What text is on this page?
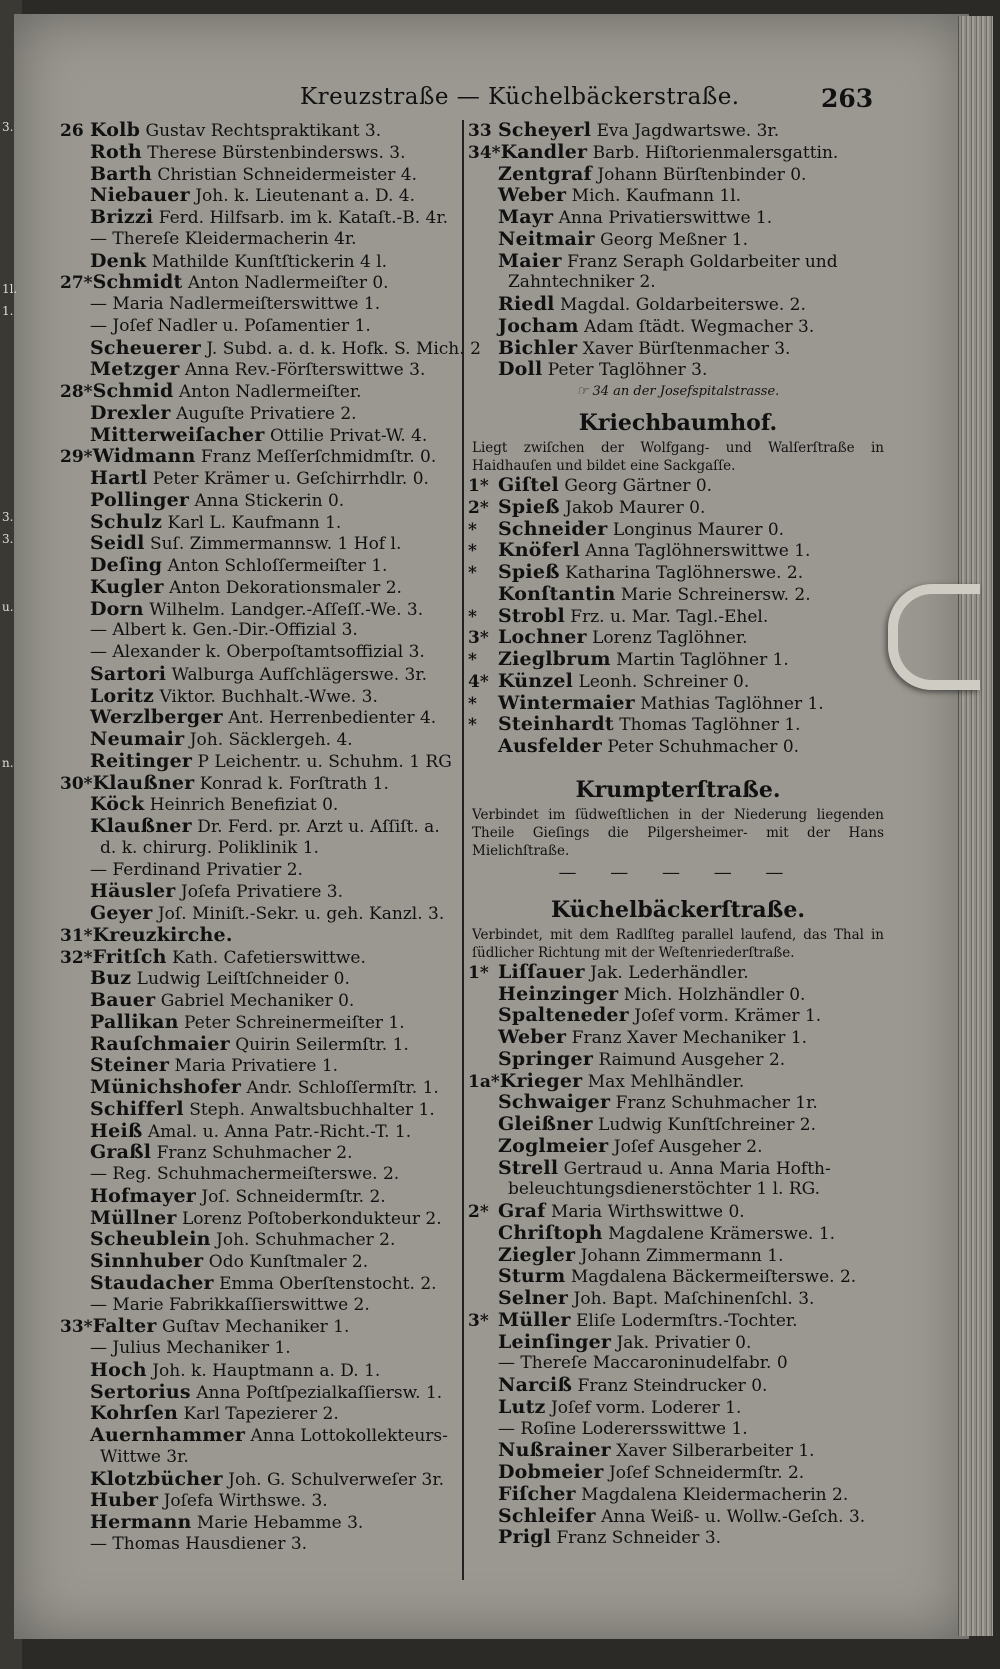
3.
1l.
1.
3.
3.
u.
n.
Kreuzstraße — Küchelbäckerstraße.	263
26 Kolb Gustav Rechtspraktikant 3.
Roth Therese Bürstenbindersws. 3.
Barth Christian Schneidermeister 4.
Niebauer Joh. k. Lieutenant a. D. 4.
Brizzi Ferd. Hilfsarb. im k. Kataſt.-B. 4r.
— Thereſe Kleidermacherin 4r.
Denk Mathilde Kunſtſtickerin 4 l.
27*Schmidt Anton Nadlermeiſter 0.
— Maria Nadlermeiſterswittwe 1.
— Joſef Nadler u. Poſamentier 1.
Scheuerer J. Subd. a. d. k. Hofk. S. Mich. 2
Metzger Anna Rev.-Förſterswittwe 3.
28*Schmid Anton Nadlermeiſter.
Drexler Auguſte Privatiere 2.
Mitterweiſacher Ottilie Privat-W. 4.
29*Widmann Franz Meſſerſchmidmſtr. 0.
Hartl Peter Krämer u. Geſchirrhdlr. 0.
Pollinger Anna Stickerin 0.
Schulz Karl L. Kaufmann 1.
Seidl Suſ. Zimmermannsw. 1 Hof l.
Deſing Anton Schloſſermeiſter 1.
Kugler Anton Dekorationsmaler 2.
Dorn Wilhelm. Landger.-Aſſeſſ.-We. 3.
— Albert k. Gen.-Dir.-Offizial 3.
— Alexander k. Oberpoſtamtsoffizial 3.
Sartori Walburga Aufſchlägerswe. 3r.
Loritz Viktor. Buchhalt.-Wwe. 3.
Werzlberger Ant. Herrenbedienter 4.
Neumair Joh. Säcklergeh. 4.
Reitinger P Leichentr. u. Schuhm. 1 RG
30*Klaußner Konrad k. Forſtrath 1.
Köck Heinrich Benefiziat 0.
Klaußner Dr. Ferd. pr. Arzt u. Aſſiſt. a.
d. k. chirurg. Poliklinik 1.
— Ferdinand Privatier 2.
Häusler Joſefa Privatiere 3.
Geyer Joſ. Miniſt.-Sekr. u. geh. Kanzl. 3.
31*Kreuzkirche.
32*Fritſch Kath. Cafetierswittwe.
Buz Ludwig Leiſtſchneider 0.
Bauer Gabriel Mechaniker 0.
Pallikan Peter Schreinermeiſter 1.
Rauſchmaier Quirin Seilermſtr. 1.
Steiner Maria Privatiere 1.
Münichshofer Andr. Schloſſermſtr. 1.
Schifferl Steph. Anwaltsbuchhalter 1.
Heiß Amal. u. Anna Patr.-Richt.-T. 1.
Graßl Franz Schuhmacher 2.
— Reg. Schuhmachermeiſterswe. 2.
Hofmayer Joſ. Schneidermſtr. 2.
Müllner Lorenz Poſtoberkondukteur 2.
Scheublein Joh. Schuhmacher 2.
Sinnhuber Odo Kunſtmaler 2.
Staudacher Emma Oberſtenstocht. 2.
— Marie Fabrikkaſſierswittwe 2.
33*Falter Guſtav Mechaniker 1.
— Julius Mechaniker 1.
Hoch Joh. k. Hauptmann a. D. 1.
Sertorius Anna Poſtſpezialkaſſiersw. 1.
Kohrſen Karl Tapezierer 2.
Auernhammer Anna Lottokollekteurs-
Wittwe 3r.
Klotzbücher Joh. G. Schulverweſer 3r.
Huber Joſefa Wirthswe. 3.
Hermann Marie Hebamme 3.
— Thomas Hausdiener 3.
33 Scheyerl Eva Jagdwartswe. 3r.
34*Kandler Barb. Hiſtorienmalersgattin.
Zentgraf Johann Bürſtenbinder 0.
Weber Mich. Kaufmann 1l.
Mayr Anna Privatierswittwe 1.
Neitmair Georg Meßner 1.
Maier Franz Seraph Goldarbeiter und
Zahntechniker 2.
Riedl Magdal. Goldarbeiterswe. 2.
Jocham Adam ſtädt. Wegmacher 3.
Bichler Xaver Bürſtenmacher 3.
Doll Peter Taglöhner 3.
☞ 34 an der Josefspitalstrasse.
Kriechbaumhof.
Liegt zwiſchen der Wolfgang- und Walſerſtraße in Haidhauſen und bildet eine Sackgaſſe.
1* Giſtel Georg Gärtner 0.
2* Spieß Jakob Maurer 0.
* Schneider Longinus Maurer 0.
* Knöferl Anna Taglöhnerswittwe 1.
* Spieß Katharina Taglöhnerswe. 2.
Konſtantin Marie Schreinersw. 2.
* Strobl Frz. u. Mar. Tagl.-Ehel.
3* Lochner Lorenz Taglöhner.
* Zieglbrum Martin Taglöhner 1.
4* Künzel Leonh. Schreiner 0.
* Wintermaier Mathias Taglöhner 1.
* Steinhardt Thomas Taglöhner 1.
Ausfelder Peter Schuhmacher 0.
Krumpterſtraße.
Verbindet im ſüdweſtlichen in der Niederung liegenden Theile Gieſings die Pilgersheimer- mit der Hans Mielichſtraße.
— — — — —
Küchelbäckerſtraße.
Verbindet, mit dem Radlſteg parallel laufend, das Thal in ſüdlicher Richtung mit der Weſtenriederſtraße.
1* Liſſauer Jak. Lederhändler.
Heinzinger Mich. Holzhändler 0.
Spalteneder Joſef vorm. Krämer 1.
Weber Franz Xaver Mechaniker 1.
Springer Raimund Ausgeher 2.
1a*Krieger Max Mehlhändler.
Schwaiger Franz Schuhmacher 1r.
Gleißner Ludwig Kunſtſchreiner 2.
Zoglmeier Joſef Ausgeher 2.
Strell Gertraud u. Anna Maria Hofth-
beleuchtungsdienerstöchter 1 l. RG.
2* Graf Maria Wirthswittwe 0.
Chriſtoph Magdalene Krämerswe. 1.
Ziegler Johann Zimmermann 1.
Sturm Magdalena Bäckermeiſterswe. 2.
Selner Joh. Bapt. Maſchinenſchl. 3.
3* Müller Eliſe Lodermſtrs.-Tochter.
Leinſinger Jak. Privatier 0.
— Thereſe Maccaroninudelfabr. 0
Narciß Franz Steindrucker 0.
Lutz Joſef vorm. Loderer 1.
— Roſine Loderersswittwe 1.
Nußrainer Xaver Silberarbeiter 1.
Dobmeier Joſef Schneidermſtr. 2.
Fiſcher Magdalena Kleidermacherin 2.
Schleifer Anna Weiß- u. Wollw.-Geſch. 3.
Prigl Franz Schneider 3.
